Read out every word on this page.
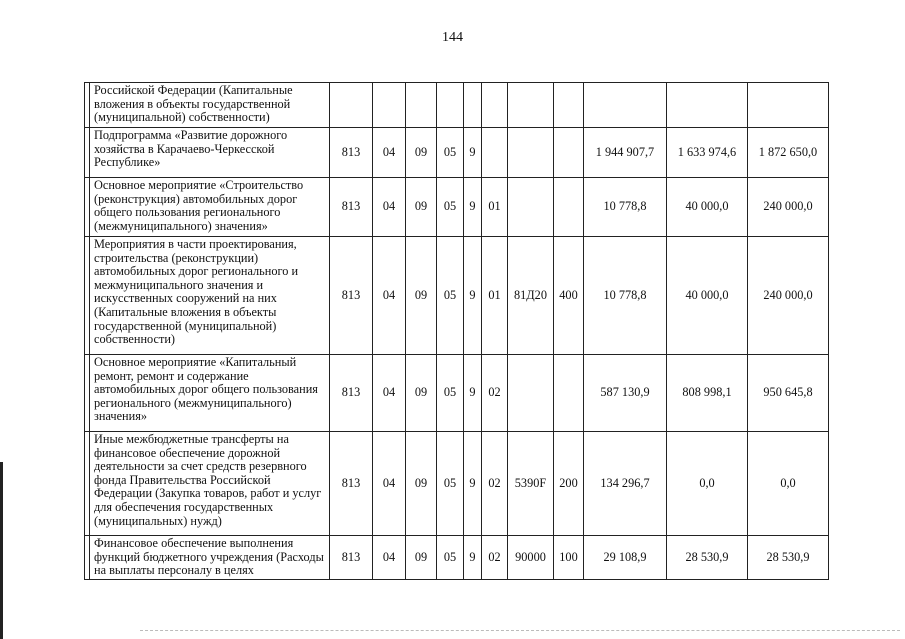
144
	Российской Федерации (Капитальные вложения в объекты государственной (муниципальной) собственности)											
	Подпрограмма «Развитие дорожного хозяйства в Карачаево-Черкесской Республике»	813	04	09	05	9				1 944 907,7	1 633 974,6	1 872 650,0
	Основное мероприятие «Строительство (реконструкция) автомобильных дорог общего пользования регионального (межмуниципального) значения»	813	04	09	05	9	01			10 778,8	40 000,0	240 000,0
	Мероприятия в части проектирования, строительства (реконструкции) автомобильных дорог регионального и межмуниципального значения и искусственных сооружений на них (Капитальные вложения в объекты государственной (муниципальной) собственности)	813	04	09	05	9	01	81Д20	400	10 778,8	40 000,0	240 000,0
	Основное мероприятие «Капитальный ремонт, ремонт и содержание автомобильных дорог общего пользования регионального (межмуниципального) значения»	813	04	09	05	9	02			587 130,9	808 998,1	950 645,8
	Иные межбюджетные трансферты на финансовое обеспечение дорожной деятельности за счет средств резервного фонда Правительства Российской Федерации (Закупка товаров, работ и услуг для обеспечения государственных (муниципальных) нужд)	813	04	09	05	9	02	5390F	200	134 296,7	0,0	0,0
	Финансовое обеспечение выполнения функций бюджетного учреждения (Расходы на выплаты персоналу в целях	813	04	09	05	9	02	90000	100	29 108,9	28 530,9	28 530,9
